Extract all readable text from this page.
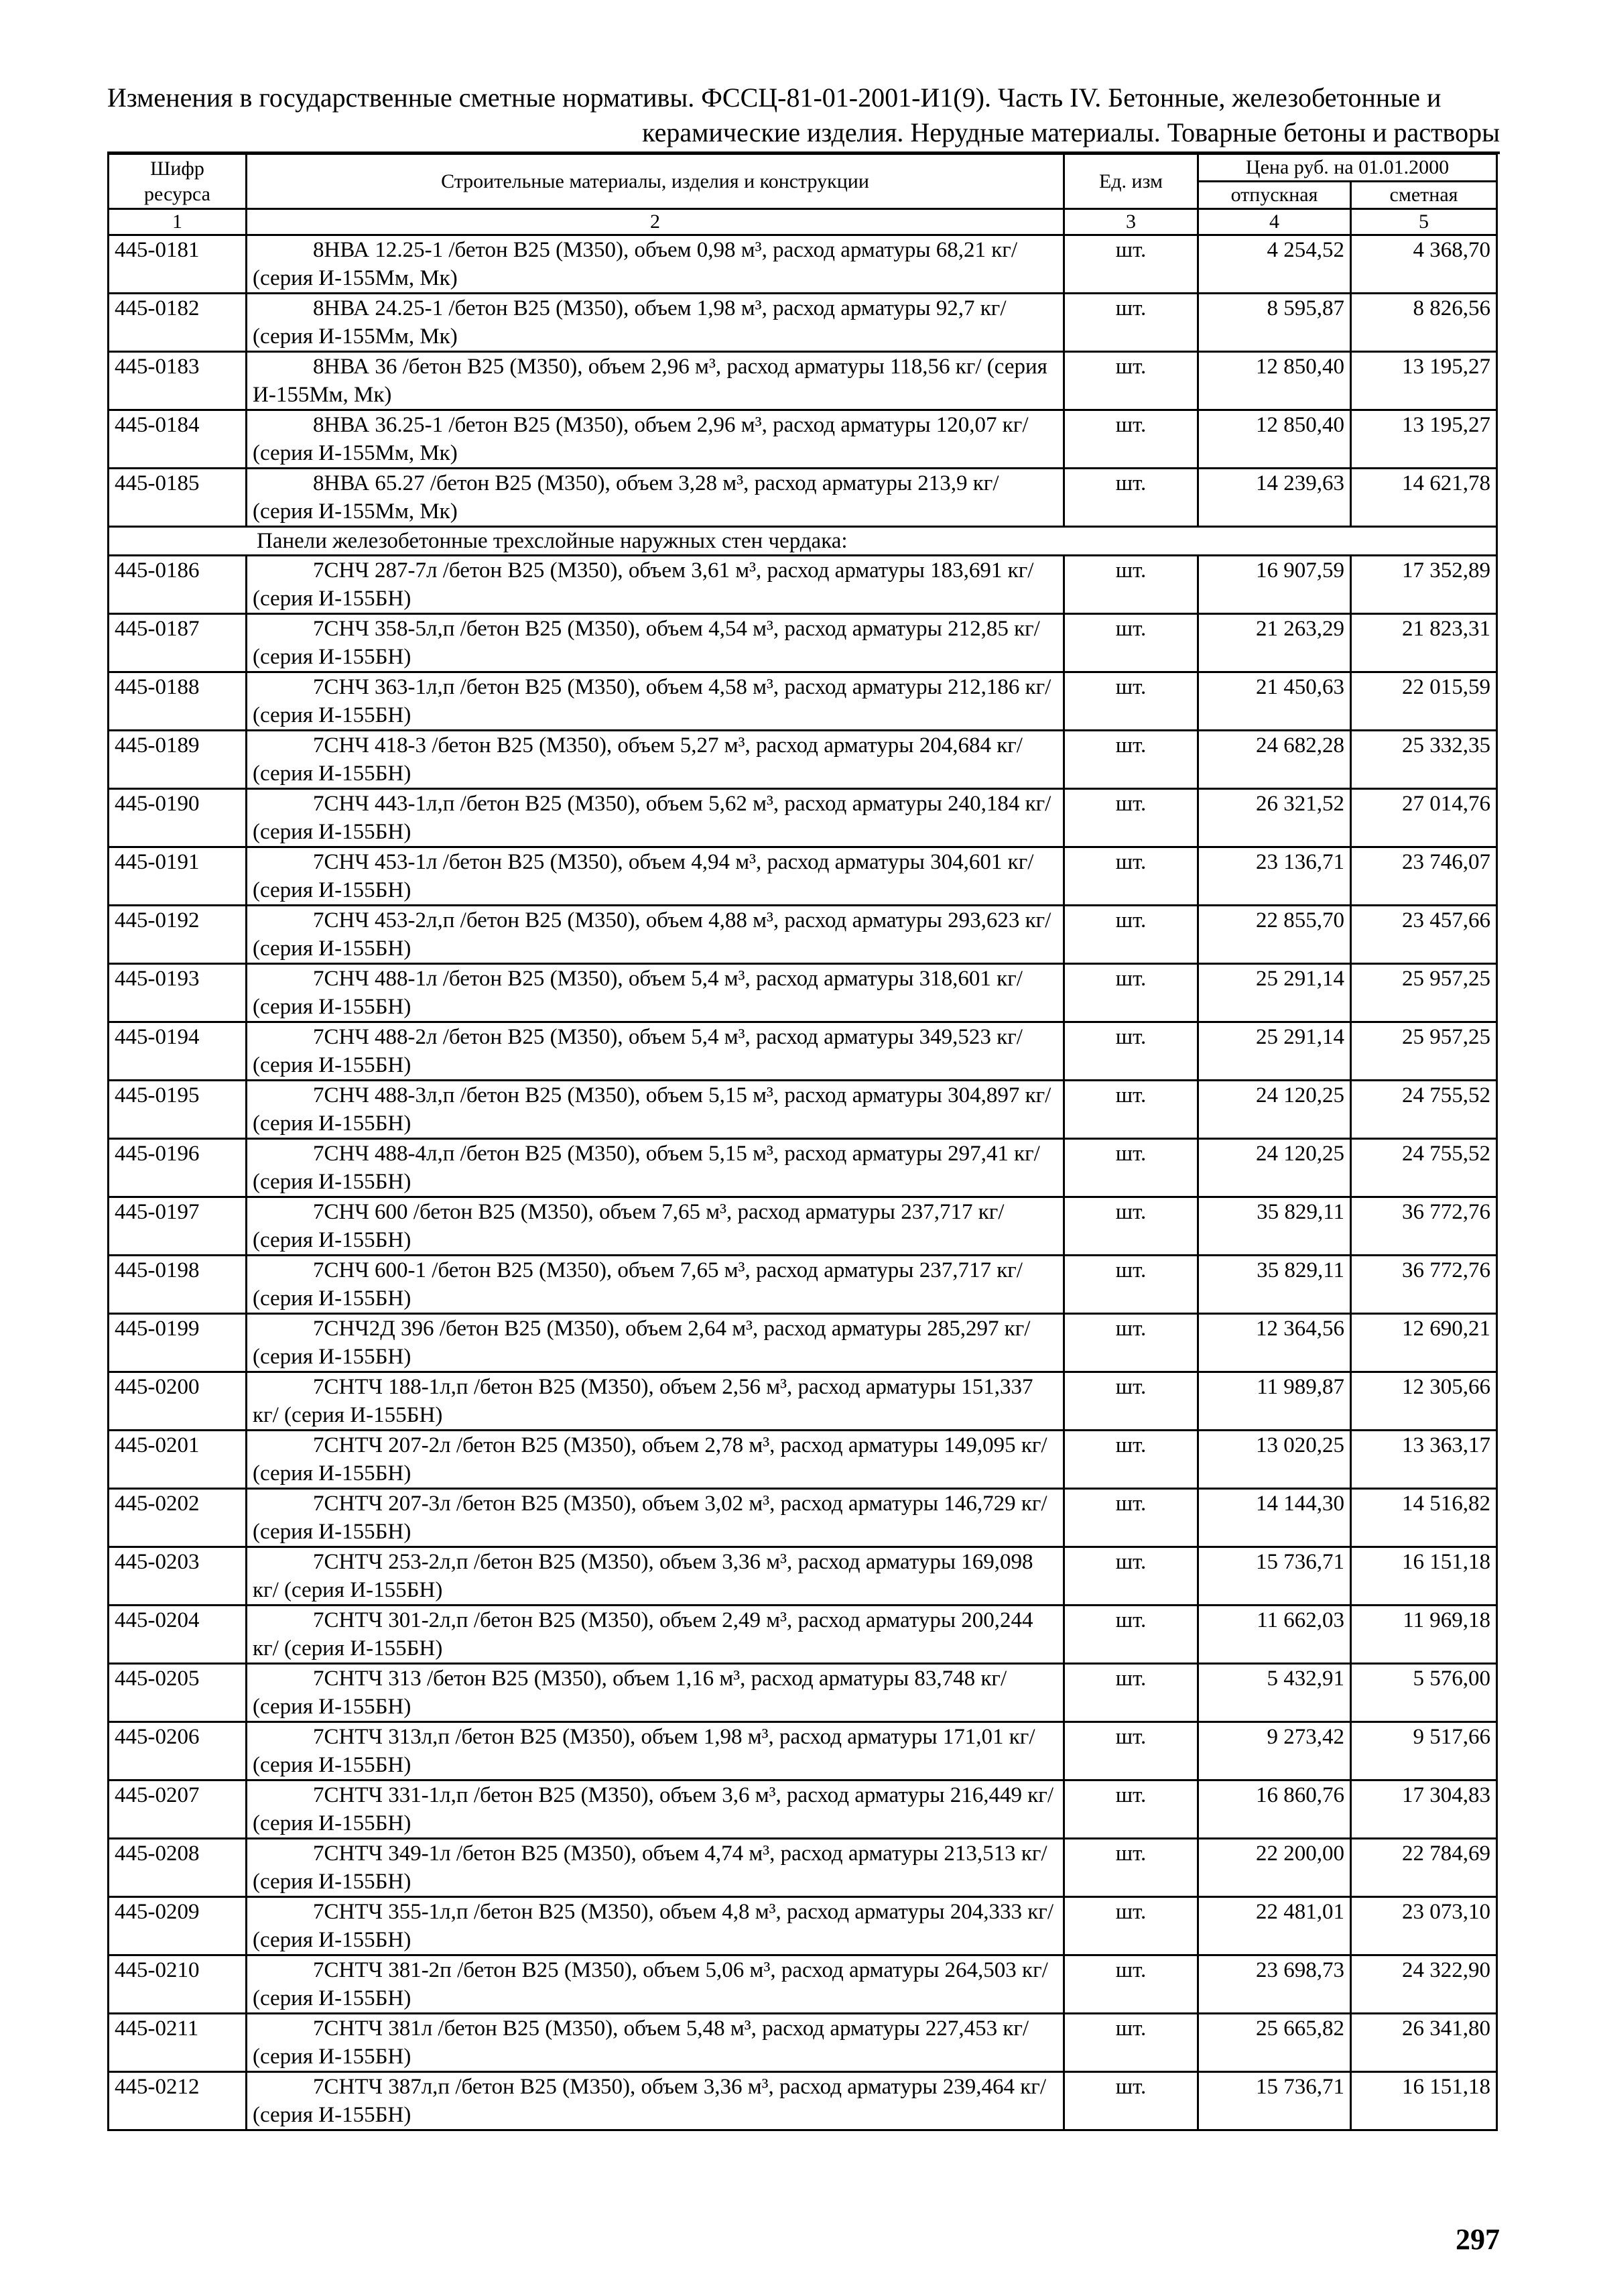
Изменения в государственные сметные нормативы. ФССЦ-81-01-2001-И1(9). Часть IV. Бетонные, железобетонные и
керамические изделия. Нерудные материалы. Товарные бетоны и растворы
Шифр ресурса	Строительные материалы, изделия и конструкции	Ед. изм	Цена руб. на 01.01.2000	
			отпускная	сметная
1	2	3	4	5
445-0181	8НВА 12.25-1 /бетон В25 (М350), объем 0,98 м³, расход арматуры 68,21 кг/ (серия И-155Мм, Мк)	шт.	4 254,52	4 368,70
445-0182	8НВА 24.25-1 /бетон В25 (М350), объем 1,98 м³, расход арматуры 92,7 кг/ (серия И-155Мм, Мк)	шт.	8 595,87	8 826,56
445-0183	8НВА 36 /бетон В25 (М350), объем 2,96 м³, расход арматуры 118,56 кг/ (серия И-155Мм, Мк)	шт.	12 850,40	13 195,27
445-0184	8НВА 36.25-1 /бетон В25 (М350), объем 2,96 м³, расход арматуры 120,07 кг/ (серия И-155Мм, Мк)	шт.	12 850,40	13 195,27
445-0185	8НВА 65.27 /бетон В25 (М350), объем 3,28 м³, расход арматуры 213,9 кг/ (серия И-155Мм, Мк)	шт.	14 239,63	14 621,78
Панели железобетонные трехслойные наружных стен чердака:				
445-0186	7СНЧ 287-7л /бетон В25 (М350), объем 3,61 м³, расход арматуры 183,691 кг/ (серия И-155БН)	шт.	16 907,59	17 352,89
445-0187	7СНЧ 358-5л,п /бетон В25 (М350), объем 4,54 м³, расход арматуры 212,85 кг/ (серия И-155БН)	шт.	21 263,29	21 823,31
445-0188	7СНЧ 363-1л,п /бетон В25 (М350), объем 4,58 м³, расход арматуры 212,186 кг/ (серия И-155БН)	шт.	21 450,63	22 015,59
445-0189	7СНЧ 418-3 /бетон В25 (М350), объем 5,27 м³, расход арматуры 204,684 кг/ (серия И-155БН)	шт.	24 682,28	25 332,35
445-0190	7СНЧ 443-1л,п /бетон В25 (М350), объем 5,62 м³, расход арматуры 240,184 кг/ (серия И-155БН)	шт.	26 321,52	27 014,76
445-0191	7СНЧ 453-1л /бетон В25 (М350), объем 4,94 м³, расход арматуры 304,601 кг/ (серия И-155БН)	шт.	23 136,71	23 746,07
445-0192	7СНЧ 453-2л,п /бетон В25 (М350), объем 4,88 м³, расход арматуры 293,623 кг/ (серия И-155БН)	шт.	22 855,70	23 457,66
445-0193	7СНЧ 488-1л /бетон В25 (М350), объем 5,4 м³, расход арматуры 318,601 кг/ (серия И-155БН)	шт.	25 291,14	25 957,25
445-0194	7СНЧ 488-2л /бетон В25 (М350), объем 5,4 м³, расход арматуры 349,523 кг/ (серия И-155БН)	шт.	25 291,14	25 957,25
445-0195	7СНЧ 488-3л,п /бетон В25 (М350), объем 5,15 м³, расход арматуры 304,897 кг/ (серия И-155БН)	шт.	24 120,25	24 755,52
445-0196	7СНЧ 488-4л,п /бетон В25 (М350), объем 5,15 м³, расход арматуры 297,41 кг/ (серия И-155БН)	шт.	24 120,25	24 755,52
445-0197	7СНЧ 600 /бетон В25 (М350), объем 7,65 м³, расход арматуры 237,717 кг/ (серия И-155БН)	шт.	35 829,11	36 772,76
445-0198	7СНЧ 600-1 /бетон В25 (М350), объем 7,65 м³, расход арматуры 237,717 кг/ (серия И-155БН)	шт.	35 829,11	36 772,76
445-0199	7СНЧ2Д 396 /бетон В25 (М350), объем 2,64 м³, расход арматуры 285,297 кг/ (серия И-155БН)	шт.	12 364,56	12 690,21
445-0200	7СНТЧ 188-1л,п /бетон В25 (М350), объем 2,56 м³, расход арматуры 151,337 кг/ (серия И-155БН)	шт.	11 989,87	12 305,66
445-0201	7СНТЧ 207-2л /бетон В25 (М350), объем 2,78 м³, расход арматуры 149,095 кг/ (серия И-155БН)	шт.	13 020,25	13 363,17
445-0202	7СНТЧ 207-3л /бетон В25 (М350), объем 3,02 м³, расход арматуры 146,729 кг/ (серия И-155БН)	шт.	14 144,30	14 516,82
445-0203	7СНТЧ 253-2л,п /бетон В25 (М350), объем 3,36 м³, расход арматуры 169,098 кг/ (серия И-155БН)	шт.	15 736,71	16 151,18
445-0204	7СНТЧ 301-2л,п /бетон В25 (М350), объем 2,49 м³, расход арматуры 200,244 кг/ (серия И-155БН)	шт.	11 662,03	11 969,18
445-0205	7СНТЧ 313 /бетон В25 (М350), объем 1,16 м³, расход арматуры 83,748 кг/ (серия И-155БН)	шт.	5 432,91	5 576,00
445-0206	7СНТЧ 313л,п /бетон В25 (М350), объем 1,98 м³, расход арматуры 171,01 кг/ (серия И-155БН)	шт.	9 273,42	9 517,66
445-0207	7СНТЧ 331-1л,п /бетон В25 (М350), объем 3,6 м³, расход арматуры 216,449 кг/ (серия И-155БН)	шт.	16 860,76	17 304,83
445-0208	7СНТЧ 349-1л /бетон В25 (М350), объем 4,74 м³, расход арматуры 213,513 кг/ (серия И-155БН)	шт.	22 200,00	22 784,69
445-0209	7СНТЧ 355-1л,п /бетон В25 (М350), объем 4,8 м³, расход арматуры 204,333 кг/ (серия И-155БН)	шт.	22 481,01	23 073,10
445-0210	7СНТЧ 381-2п /бетон В25 (М350), объем 5,06 м³, расход арматуры 264,503 кг/ (серия И-155БН)	шт.	23 698,73	24 322,90
445-0211	7СНТЧ 381л /бетон В25 (М350), объем 5,48 м³, расход арматуры 227,453 кг/ (серия И-155БН)	шт.	25 665,82	26 341,80
445-0212	7СНТЧ 387л,п /бетон В25 (М350), объем 3,36 м³, расход арматуры 239,464 кг/ (серия И-155БН)	шт.	15 736,71	16 151,18
297
